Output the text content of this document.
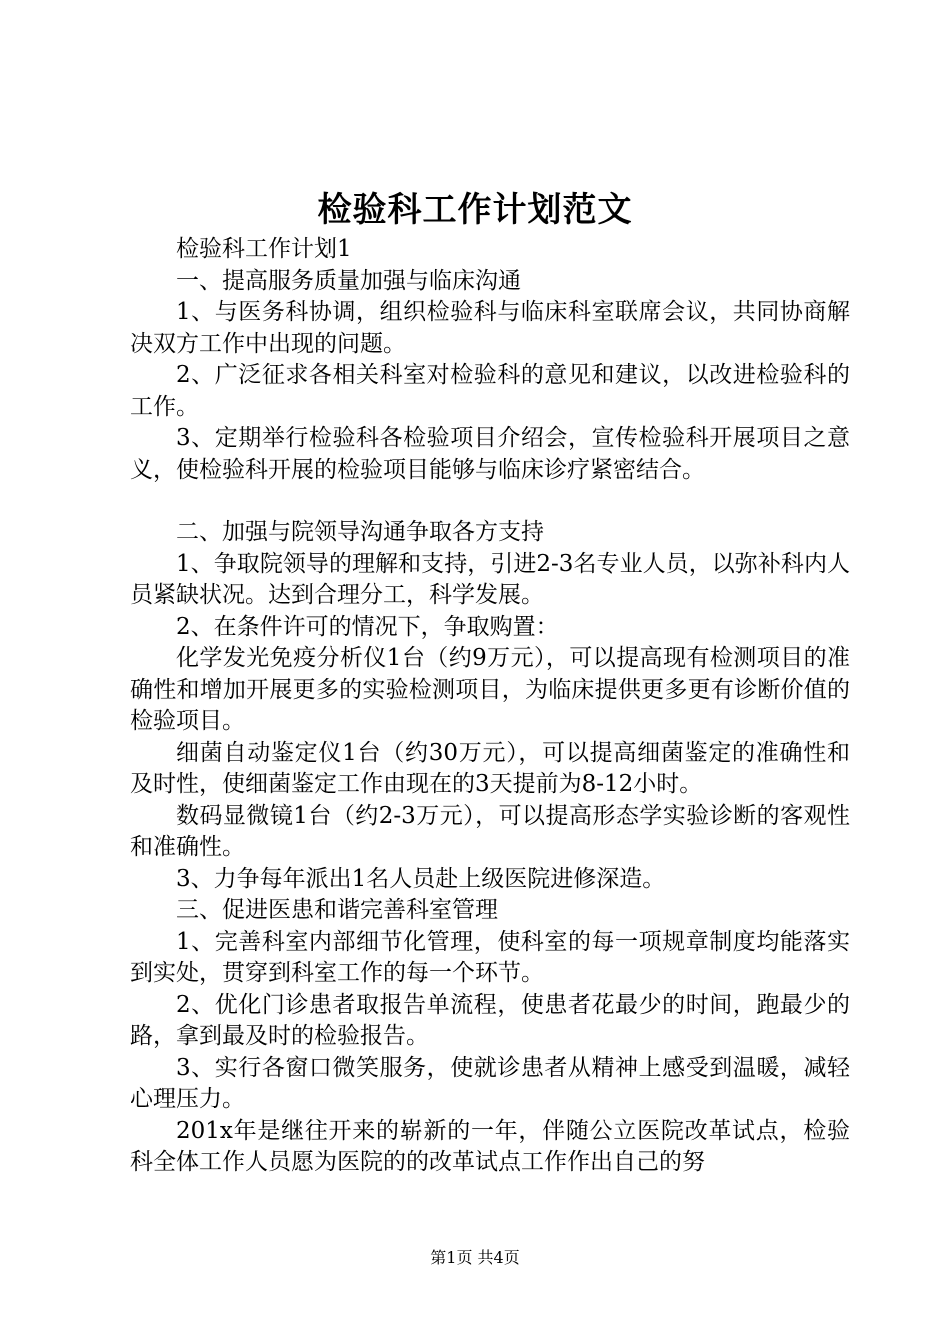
检验科工作计划范文

检验科工作计划1

一、提高服务质量加强与临床沟通

1、与医务科协调，组织检验科与临床科室联席会议，共同协商解决双方工作中出现的问题。

2、广泛征求各相关科室对检验科的意见和建议，以改进检验科的工作。

3、定期举行检验科各检验项目介绍会，宣传检验科开展项目之意义，使检验科开展的检验项目能够与临床诊疗紧密结合。

二、加强与院领导沟通争取各方支持

1、争取院领导的理解和支持，引进2-3名专业人员，以弥补科内人员紧缺状况。达到合理分工，科学发展。

2、在条件许可的情况下，争取购置：

化学发光免疫分析仪1台（约9万元），可以提高现有检测项目的准确性和增加开展更多的实验检测项目，为临床提供更多更有诊断价值的检验项目。

细菌自动鉴定仪1台（约30万元），可以提高细菌鉴定的准确性和及时性，使细菌鉴定工作由现在的3天提前为8-12小时。

数码显微镜1台（约2-3万元），可以提高形态学实验诊断的客观性和准确性。

3、力争每年派出1名人员赴上级医院进修深造。

三、促进医患和谐完善科室管理

1、完善科室内部细节化管理，使科室的每一项规章制度均能落实到实处，贯穿到科室工作的每一个环节。

2、优化门诊患者取报告单流程，使患者花最少的时间，跑最少的路，拿到最及时的检验报告。

3、实行各窗口微笑服务，使就诊患者从精神上感受到温暖，减轻心理压力。

201x年是继往开来的崭新的一年，伴随公立医院改革试点，检验科全体工作人员愿为医院的的改革试点工作作出自己的努

第1页 共4页
